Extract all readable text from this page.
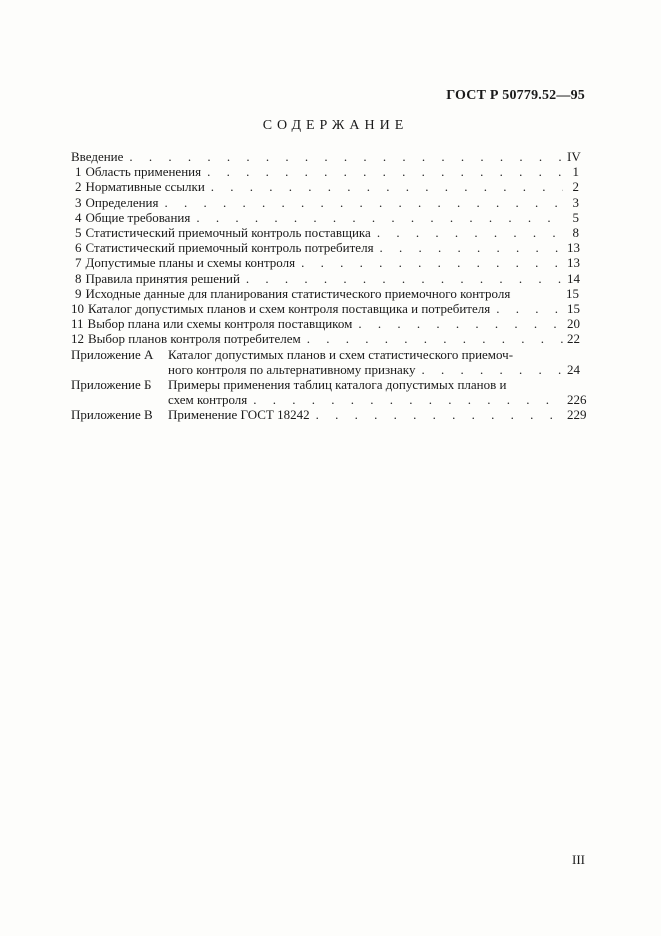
ГОСТ Р 50779.52—95
СОДЕРЖАНИЕ
Введение . . .	IV
1 Область применения . . .	1
2 Нормативные ссылки . . .	2
3 Определения . . .	3
4 Общие требования . . .	5
5 Статистический приемочный контроль поставщика . . .	8
6 Статистический приемочный контроль потребителя . . .	13
7 Допустимые планы и схемы контроля . . .	13
8 Правила принятия решений . . .	14
9 Исходные данные для планирования статистического приемочного контроля	15
10 Каталог допустимых планов и схем контроля поставщика и потребителя . . .	15
11 Выбор плана или схемы контроля поставщиком . . .	20
12 Выбор планов контроля потребителем . . .	22
Приложение А	Каталог допустимых планов и схем статистического приемоч-
ного контроля по альтернативному признаку . . .	24
Приложение Б	Примеры применения таблиц каталога допустимых планов и
схем контроля . . .	226
Приложение В	Применение ГОСТ 18242 . . .	229
III
